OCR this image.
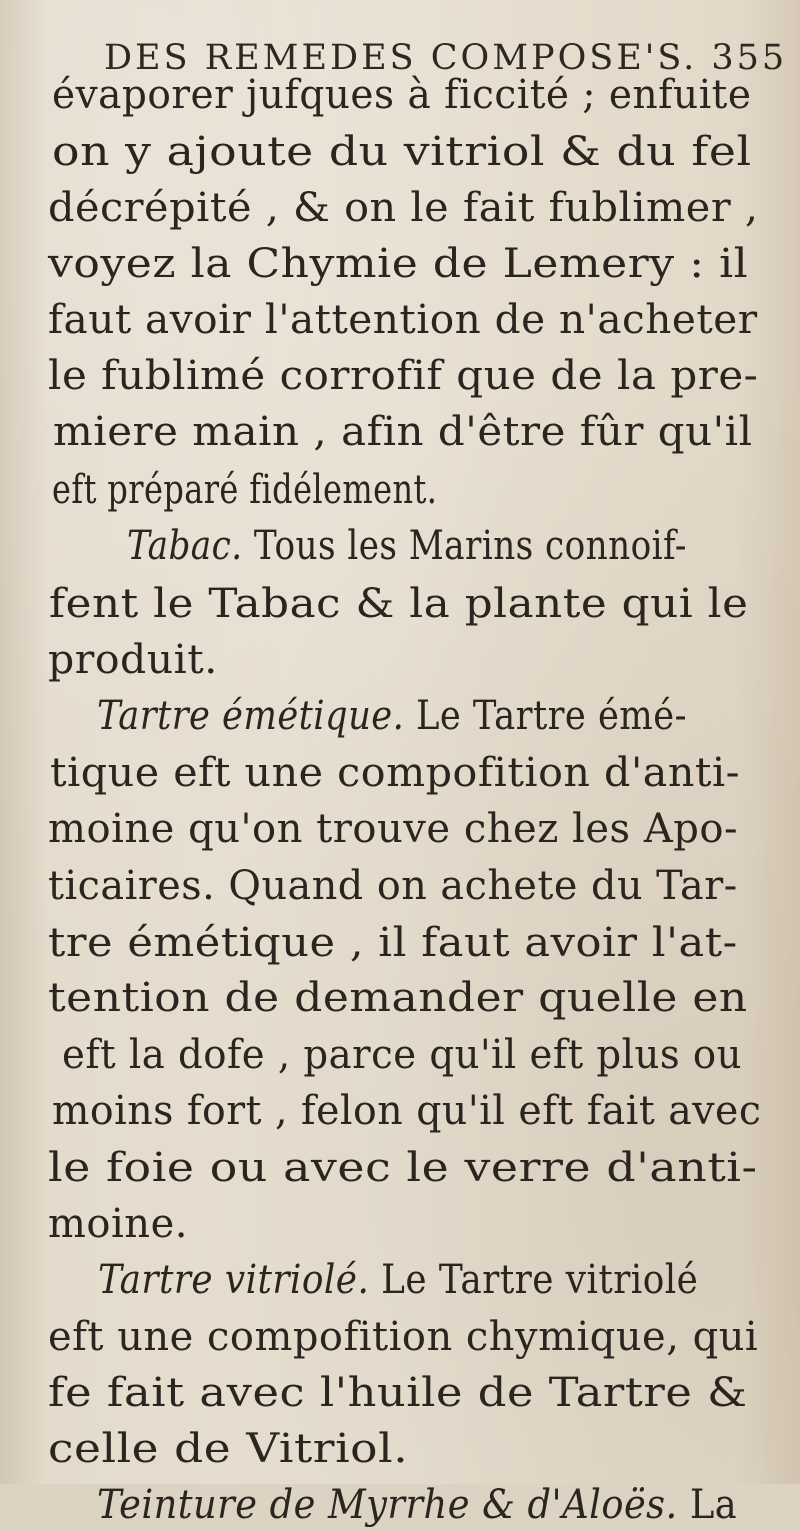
DES REMEDES COMPOSE'S. 355
évaporer jufques à ficcité ; enfuite
on y ajoute du vitriol & du fel
décrépité , & on le fait fublimer ,
voyez la Chymie de Lemery : il
faut avoir l'attention de n'acheter
le fublimé corrofif que de la pre-
miere main , afin d'être fûr qu'il
eft préparé fidélement.
Tabac. Tous les Marins connoif-
fent le Tabac & la plante qui le
produit.
Tartre émétique. Le Tartre émé-
tique eft une compofition d'anti-
moine qu'on trouve chez les Apo-
ticaires. Quand on achete du Tar-
tre émétique , il faut avoir l'at-
tention de demander quelle en
eft la dofe , parce qu'il eft plus ou
moins fort , felon qu'il eft fait avec
le foie ou avec le verre d'anti-
moine.
Tartre vitriolé. Le Tartre vitriolé
eft une compofition chymique, qui
fe fait avec l'huile de Tartre &
celle de Vitriol.
Teinture de Myrrhe & d'Aloës. La
